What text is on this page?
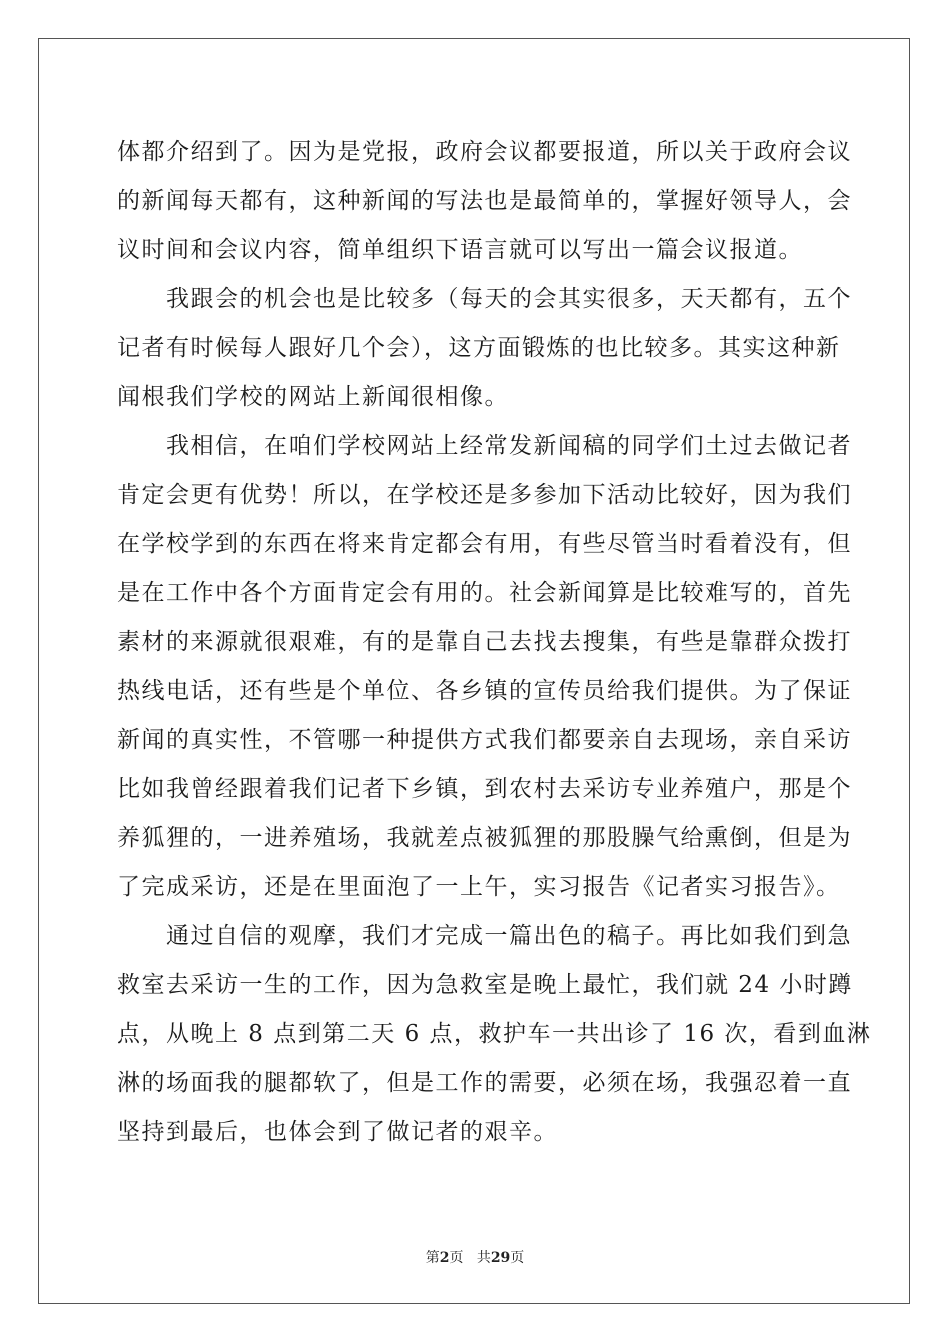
体都介绍到了。因为是党报，政府会议都要报道，所以关于政府会议
的新闻每天都有，这种新闻的写法也是最简单的，掌握好领导人，会
议时间和会议内容，简单组织下语言就可以写出一篇会议报道。
　　我跟会的机会也是比较多（每天的会其实很多，天天都有，五个
记者有时候每人跟好几个会），这方面锻炼的也比较多。其实这种新
闻根我们学校的网站上新闻很相像。
　　我相信，在咱们学校网站上经常发新闻稿的同学们土过去做记者
肯定会更有优势！所以，在学校还是多参加下活动比较好，因为我们
在学校学到的东西在将来肯定都会有用，有些尽管当时看着没有，但
是在工作中各个方面肯定会有用的。社会新闻算是比较难写的，首先
素材的来源就很艰难，有的是靠自己去找去搜集，有些是靠群众拨打
热线电话，还有些是个单位、各乡镇的宣传员给我们提供。为了保证
新闻的真实性，不管哪一种提供方式我们都要亲自去现场，亲自采访
比如我曾经跟着我们记者下乡镇，到农村去采访专业养殖户，那是个
养狐狸的，一进养殖场，我就差点被狐狸的那股臊气给熏倒，但是为
了完成采访，还是在里面泡了一上午，实习报告《记者实习报告》。
　　通过自信的观摩，我们才完成一篇出色的稿子。再比如我们到急
救室去采访一生的工作，因为急救室是晚上最忙，我们就 24 小时蹲
点，从晚上 8 点到第二天 6 点，救护车一共出诊了 16 次，看到血淋
淋的场面我的腿都软了，但是工作的需要，必须在场，我强忍着一直
坚持到最后，也体会到了做记者的艰辛。
第2页 共29页
